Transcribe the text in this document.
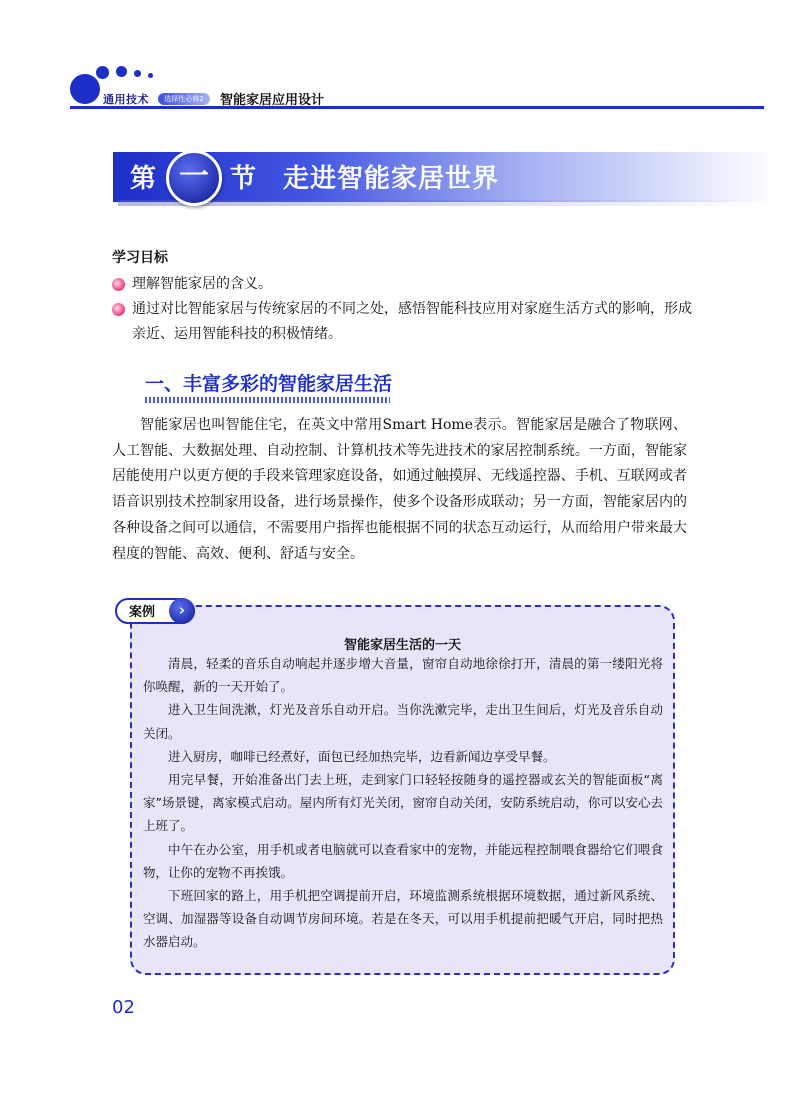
通用技术	选择性必修2	智能家居应用设计
第 一 节 走进智能家居世界
学习目标
理解智能家居的含义。
通过对比智能家居与传统家居的不同之处，感悟智能科技应用对家庭生活方式的影响，形成亲近、运用智能科技的积极情绪。
一、丰富多彩的智能家居生活

智能家居也叫智能住宅，在英文中常用Smart Home表示。智能家居是融合了物联网、人工智能、大数据处理、自动控制、计算机技术等先进技术的家居控制系统。一方面，智能家居能使用户以更方便的手段来管理家庭设备，如通过触摸屏、无线遥控器、手机、互联网或者语音识别技术控制家用设备，进行场景操作，使多个设备形成联动；另一方面，智能家居内的各种设备之间可以通信，不需要用户指挥也能根据不同的状态互动运行，从而给用户带来最大程度的智能、高效、便利、舒适与安全。

案例	›
智能家居生活的一天

清晨，轻柔的音乐自动响起并逐步增大音量，窗帘自动地徐徐打开，清晨的第一缕阳光将你唤醒，新的一天开始了。

进入卫生间洗漱，灯光及音乐自动开启。当你洗漱完毕，走出卫生间后，灯光及音乐自动关闭。

进入厨房，咖啡已经煮好，面包已经加热完毕，边看新闻边享受早餐。

用完早餐，开始准备出门去上班，走到家门口轻轻按随身的遥控器或玄关的智能面板“离家”场景键，离家模式启动。屋内所有灯光关闭，窗帘自动关闭，安防系统启动，你可以安心去上班了。

中午在办公室，用手机或者电脑就可以查看家中的宠物，并能远程控制喂食器给它们喂食物，让你的宠物不再挨饿。

下班回家的路上，用手机把空调提前开启，环境监测系统根据环境数据，通过新风系统、空调、加湿器等设备自动调节房间环境。若是在冬天，可以用手机提前把暖气开启，同时把热水器启动。

02
